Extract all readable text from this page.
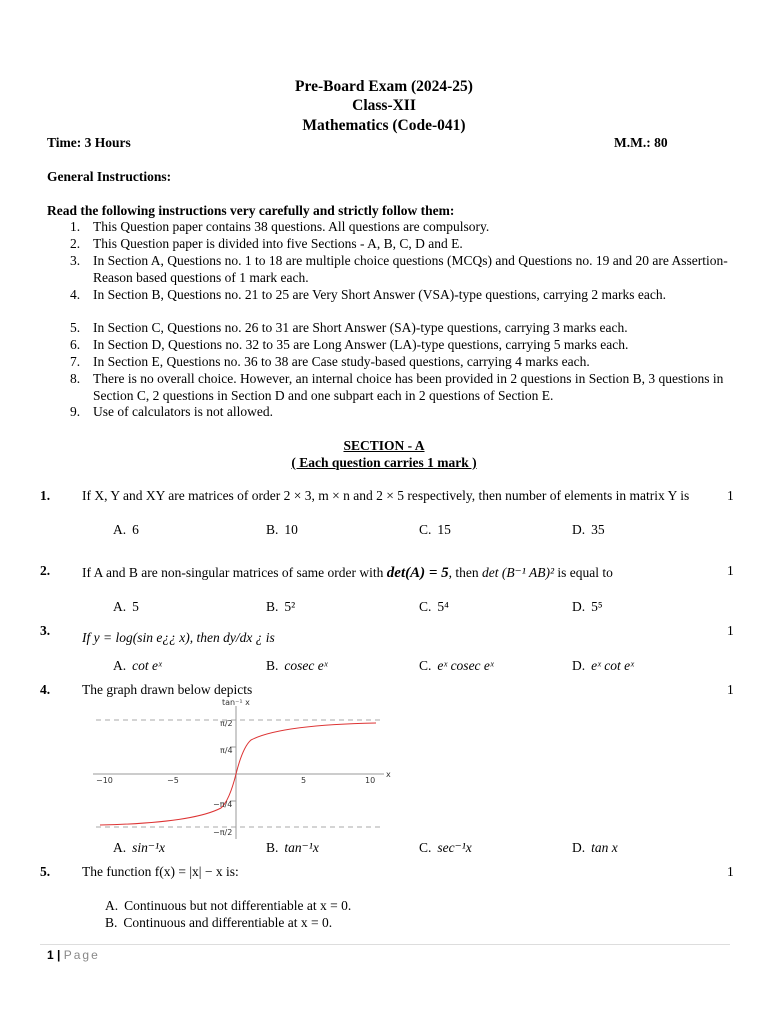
Pre-Board Exam (2024-25)
Class-XII
Mathematics (Code-041)
Time: 3 Hours	M.M.: 80
General Instructions:
Read the following instructions very carefully and strictly follow them:
1. This Question paper contains 38 questions. All questions are compulsory.
2. This Question paper is divided into five Sections - A, B, C, D and E.
3. In Section A, Questions no. 1 to 18 are multiple choice questions (MCQs) and Questions no. 19 and 20 are Assertion-Reason based questions of 1 mark each.
4. In Section B, Questions no. 21 to 25 are Very Short Answer (VSA)-type questions, carrying 2 marks each.
5. In Section C, Questions no. 26 to 31 are Short Answer (SA)-type questions, carrying 3 marks each.
6. In Section D, Questions no. 32 to 35 are Long Answer (LA)-type questions, carrying 5 marks each.
7. In Section E, Questions no. 36 to 38 are Case study-based questions, carrying 4 marks each.
8. There is no overall choice. However, an internal choice has been provided in 2 questions in Section B, 3 questions in Section C, 2 questions in Section D and one subpart each in 2 questions of Section E.
9. Use of calculators is not allowed.
SECTION - A
( Each question carries 1 mark )
1. If X, Y and XY are matrices of order 2 × 3, m × n and 2 × 5 respectively, then number of elements in matrix Y is	1
A. 6	B. 10	C. 15	D. 35
2. If A and B are non-singular matrices of same order with det(A) = 5, then det (B⁻¹ AB)² is equal to	1
A. 5	B. 5²	C. 5⁴	D. 5⁵
3. If y = log(sin e¿¿ x), then dy/dx ¿ is	1
A. cot eˣ	B. cosec eˣ	C. eˣ cosec eˣ	D. eˣ cot eˣ
4. The graph drawn below depicts	1
tan⁻¹ x
x
−10	−5	5	10
π/2
π/4
−π/4
−π/2
A. sin⁻¹x	B. tan⁻¹x	C. sec⁻¹x	D. tan x
5. The function f(x) = |x| − x is:	1
A. Continuous but not differentiable at x = 0.
B. Continuous and differentiable at x = 0.
1 | Page
